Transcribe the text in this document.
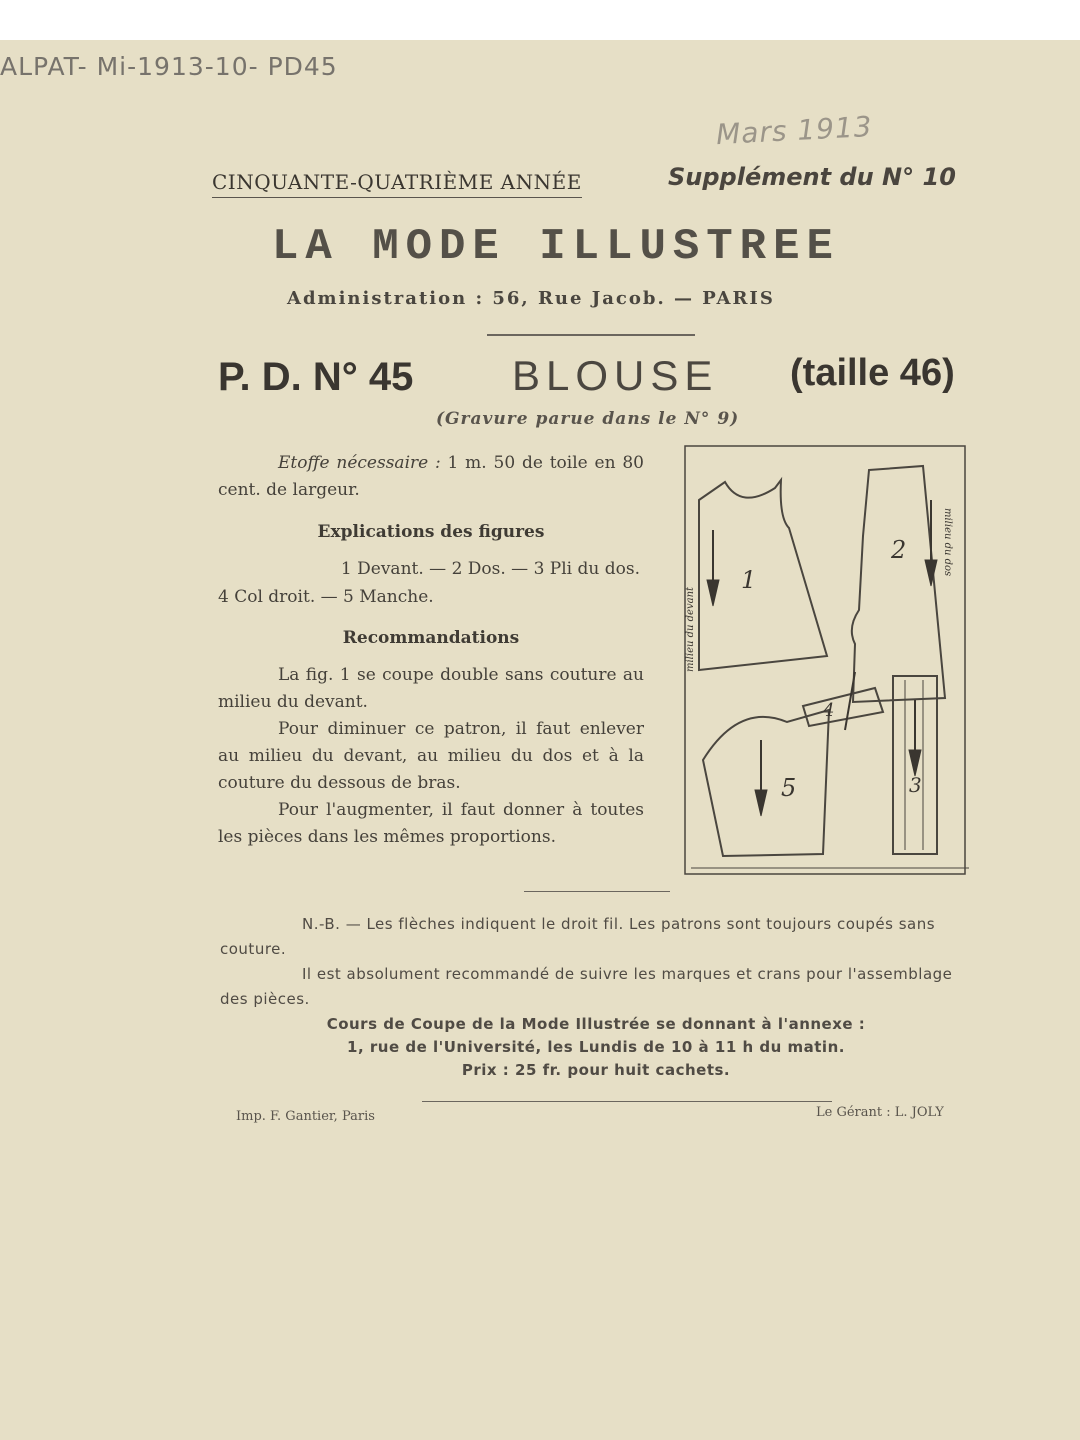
ALPAT- Mi-1913-10- PD45
Mars 1913
CINQUANTE-QUATRIÈME ANNÉE	Supplément du N° 10
LA MODE ILLUSTREE
Administration : 56, Rue Jacob. — PARIS
P. D. N° 45 BLOUSE (taille 46)
(Gravure parue dans le N° 9)
Etoffe nécessaire : 1 m. 50 de toile en 80 cent. de largeur.
Explications des figures
1 Devant. — 2 Dos. — 3 Pli du dos.
4 Col droit. — 5 Manche.
Recommandations
La fig. 1 se coupe double sans couture au milieu du devant.
Pour diminuer ce patron, il faut enlever au milieu du devant, au milieu du dos et à la couture du dessous de bras.
Pour l'augmenter, il faut donner à toutes les pièces dans les mêmes proportions.
1
2
4
5	3
milieu du devant
milieu du dos
N.-B. — Les flèches indiquent le droit fil. Les patrons sont toujours coupés sans couture.
Il est absolument recommandé de suivre les marques et crans pour l'assemblage des pièces.
Cours de Coupe de la Mode Illustrée se donnant à l'annexe :
1, rue de l'Université, les Lundis de 10 à 11 h du matin.
Prix : 25 fr. pour huit cachets.
Imp. F. Gantier, Paris	Le Gérant : L. JOLY
